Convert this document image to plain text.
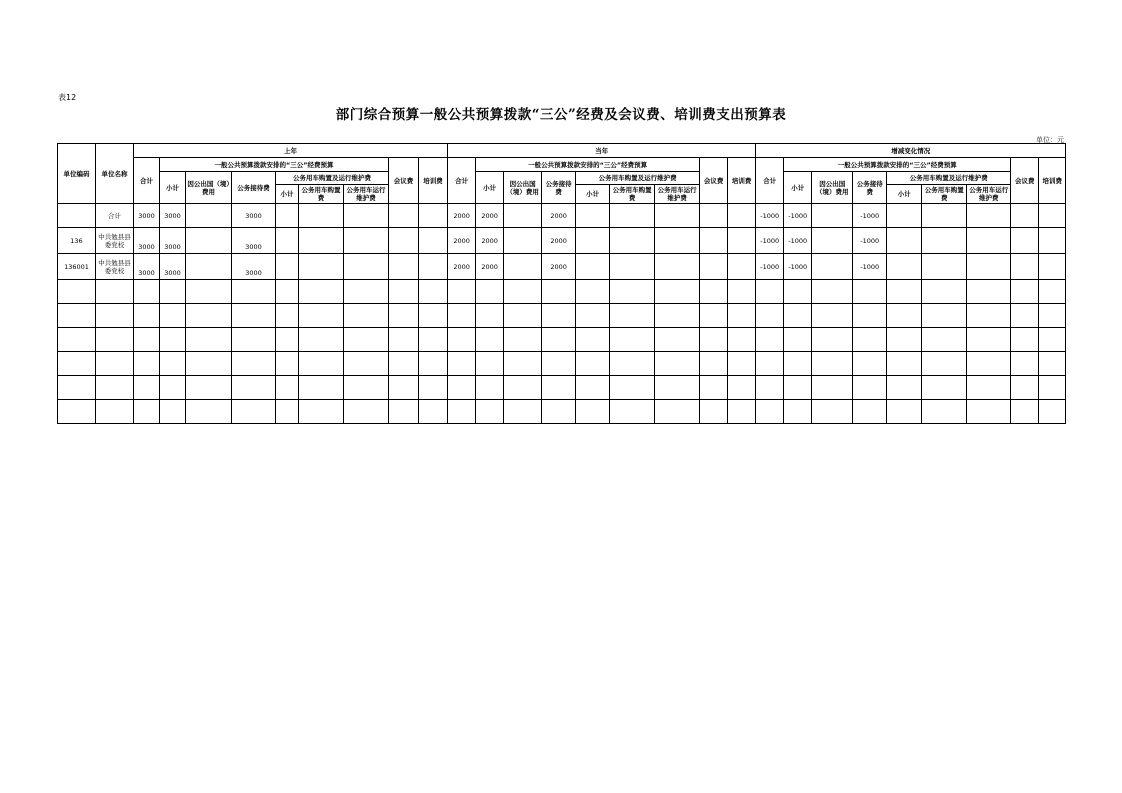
表12
部门综合预算一般公共预算拨款“三公”经费及会议费、培训费支出预算表
单位：元
单位编码	单位名称	上年									当年									增减变化情况								
		合计	一般公共预算拨款安排的“三公”经费预算						会议费	培训费	合计	一般公共预算拨款安排的“三公”经费预算						会议费	培训费	合计	一般公共预算拨款安排的“三公”经费预算						会议费	培训费
			小计	因公出国（境）费用	公务接待费	公务用车购置及运行维护费						小计	因公出国（境）费用	公务接待费	公务用车购置及运行维护费						小计	因公出国（境）费用	公务接待费	公务用车购置及运行维护费				
						小计	公务用车购置费	公务用车运行维护费							小计	公务用车购置费	公务用车运行维护费							小计	公务用车购置费	公务用车运行维护费		
	合计	3000	3000		3000						2000	2000		2000						-1000	-1000		-1000					
136	中共勉县县委党校	3000	3000		3000						2000	2000		2000						-1000	-1000		-1000					
136001	中共勉县县委党校	3000	3000		3000						2000	2000		2000						-1000	-1000		-1000					
